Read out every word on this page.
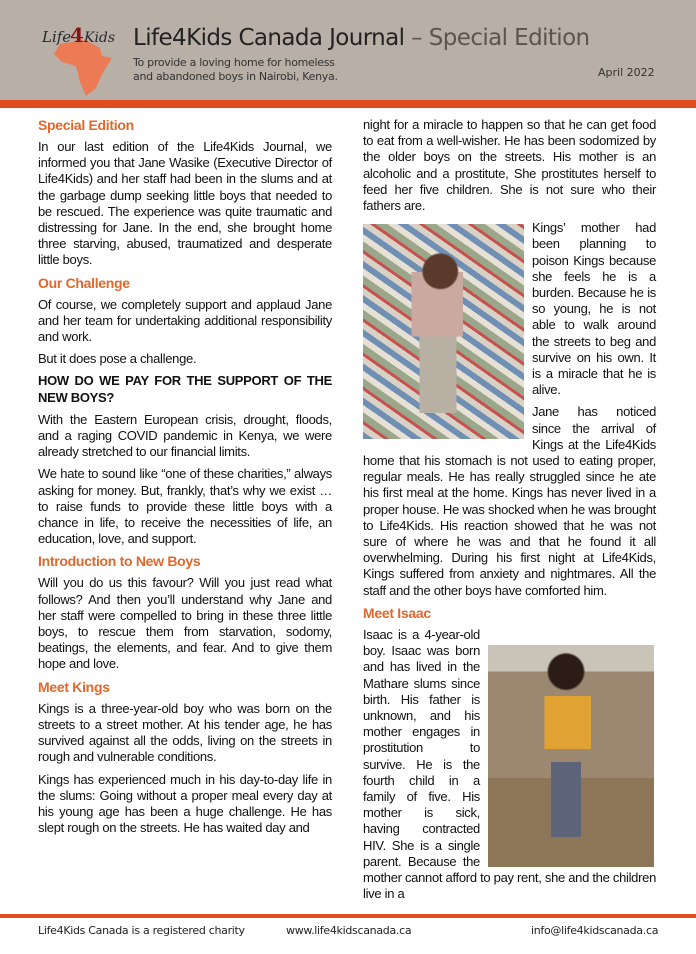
Life
4 Kids Life4Kids Canada Journal – Special Edition
To provide a loving home for homeless
and abandoned boys in Nairobi, Kenya.	April 2022
Special Edition

In our last edition of the Life4Kids Journal, we informed you that Jane Wasike (Executive Director of Life4Kids) and her staff had been in the slums and at the garbage dump seeking little boys that needed to be rescued. The experience was quite traumatic and distressing for Jane. In the end, she brought home three starving, abused, traumatized and desperate little boys.

Our Challenge

Of course, we completely support and applaud Jane and her team for undertaking additional responsibility and work.

But it does pose a challenge.

HOW DO WE PAY FOR THE SUPPORT OF THE NEW BOYS?

With the Eastern European crisis, drought, floods, and a raging COVID pandemic in Kenya, we were already stretched to our financial limits.

We hate to sound like “one of these charities,” always asking for money. But, frankly, that’s why we exist … to raise funds to provide these little boys with a chance in life, to receive the necessities of life, an education, love, and support.

Introduction to New Boys

Will you do us this favour? Will you just read what follows? And then you’ll understand why Jane and her staff were compelled to bring in these three little boys, to rescue them from starvation, sodomy, beatings, the elements, and fear. And to give them hope and love.

Meet Kings

Kings is a three-year-old boy who was born on the streets to a street mother. At his tender age, he has survived against all the odds, living on the streets in rough and vulnerable conditions.

Kings has experienced much in his day-to-day life in the slums: Going without a proper meal every day at his young age has been a huge challenge. He has slept rough on the streets. He has waited day and

night for a miracle to happen so that he can get food to eat from a well-wisher. He has been sodomized by the older boys on the streets. His mother is an alcoholic and a prostitute, She prostitutes herself to feed her five children. She is not sure who their fathers are.

Kings’ mother had been planning to poison Kings because she feels he is a burden. Because he is so young, he is not able to walk around the streets to beg and survive on his own. It is a miracle that he is alive.

Jane has noticed since the arrival of Kings at the Life4Kids home that his stomach is not used to eating proper, regular meals. He has really struggled since he ate his first meal at the home. Kings has never lived in a proper house. He was shocked when he was brought to Life4Kids. His reaction showed that he was not sure of where he was and that he found it all overwhelming. During his first night at Life4Kids, Kings suffered from anxiety and nightmares. All the staff and the other boys have comforted him.

Meet Isaac

Isaac is a 4-year-old boy. Isaac was born and has lived in the Mathare slums since birth. His father is unknown, and his mother engages in prostitution to survive. He is the fourth child in a family of five. His mother is sick, having contracted HIV. She is a single parent. Because the mother cannot afford to pay rent, she and the children live in a

Life4Kids Canada is a registered charity	www.life4kidscanada.ca	info@life4kidscanada.ca
